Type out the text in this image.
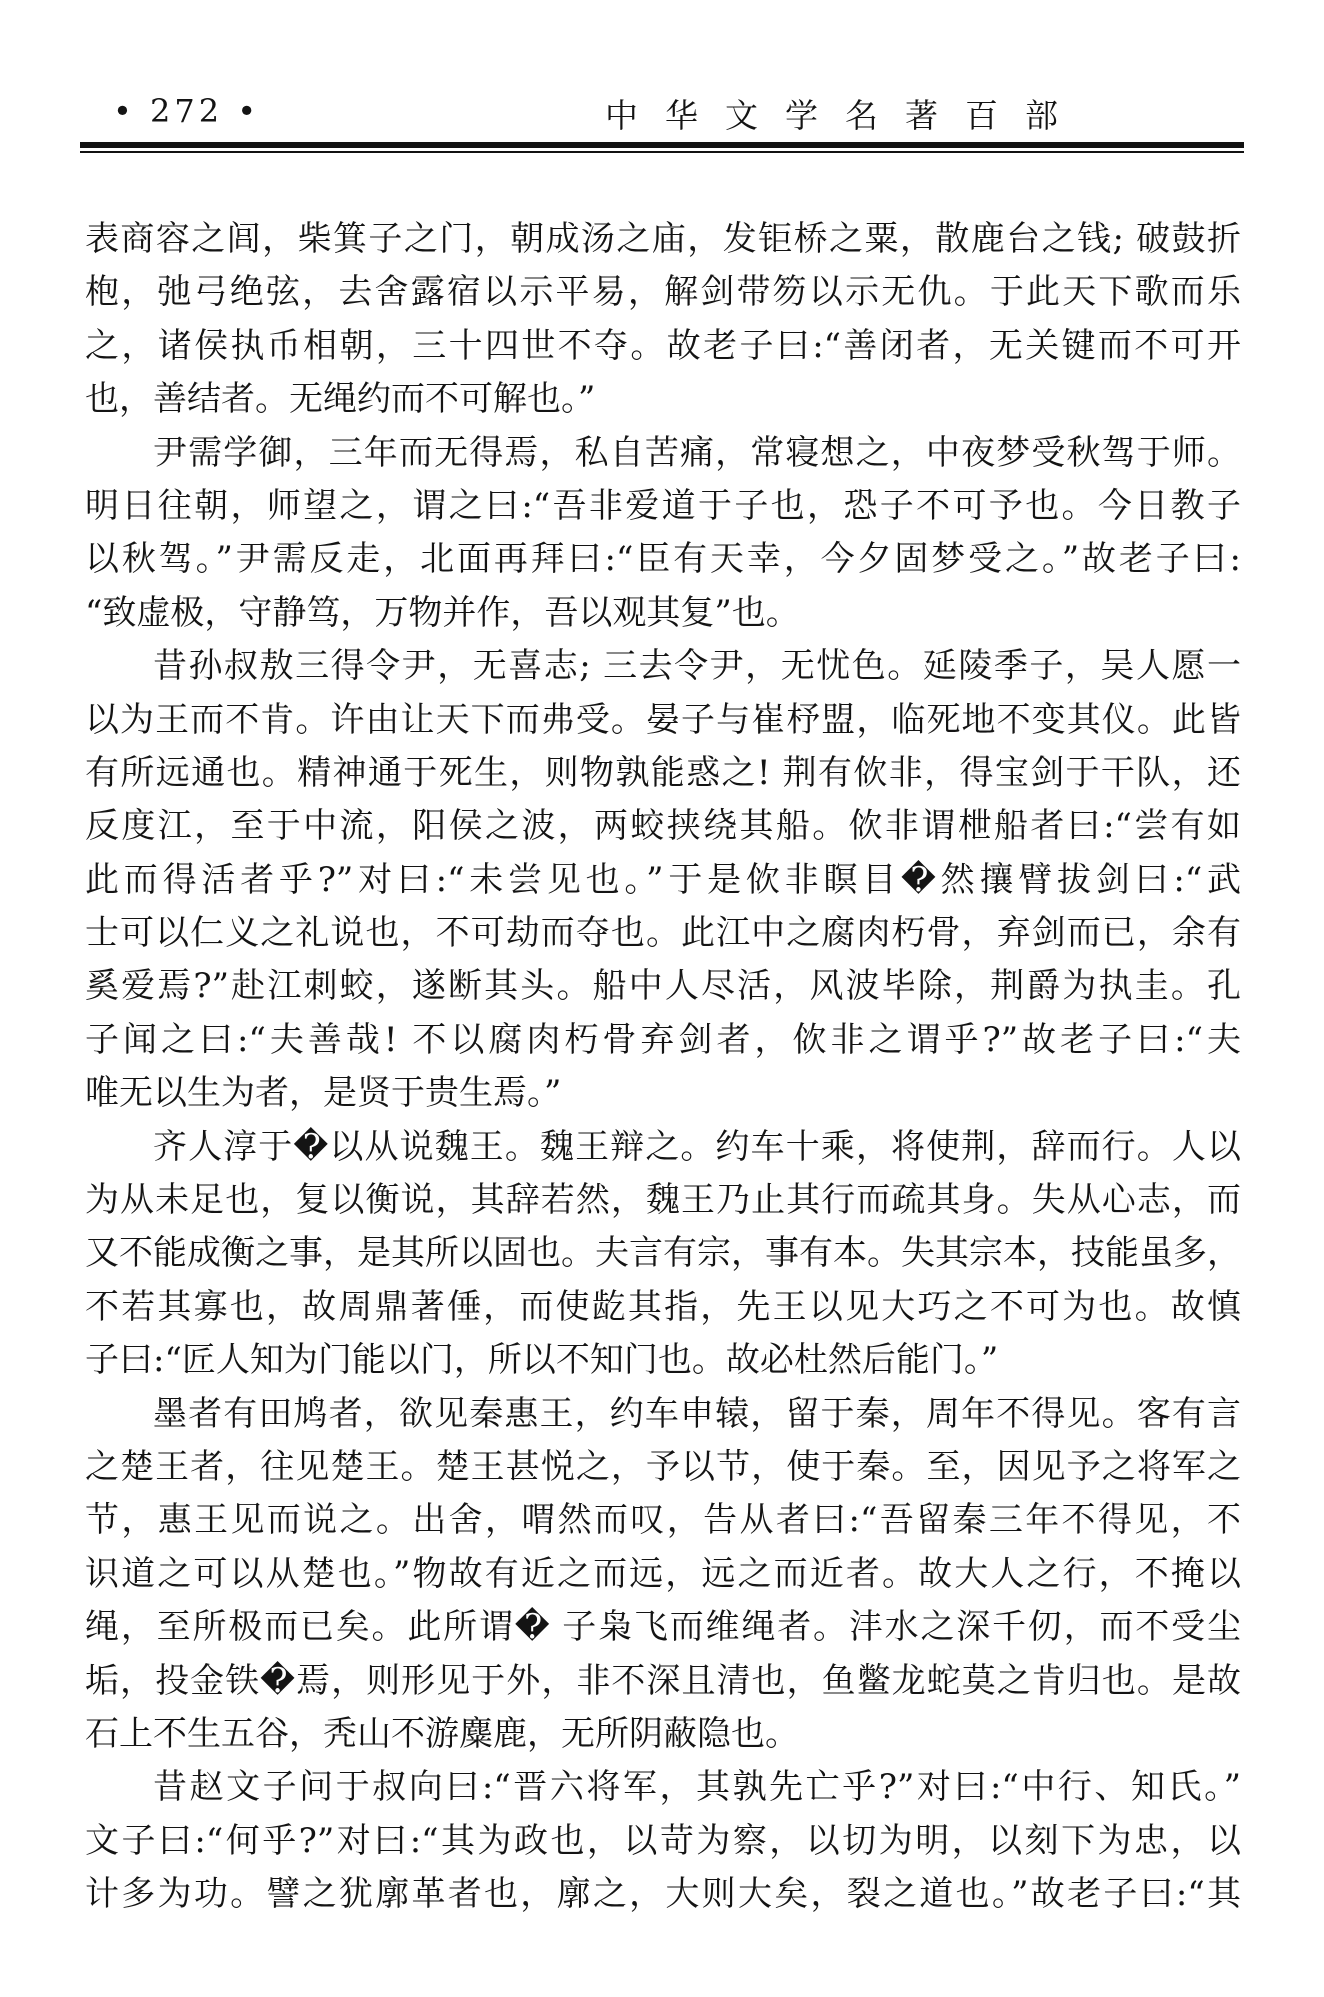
• 272 •	中华文学名著百部
表商容之闾，柴箕子之门，朝成汤之庙，发钜桥之粟，散鹿台之钱; 破鼓折
枹，弛弓绝弦，去舍露宿以示平易，解剑带笏以示无仇。于此天下歌而乐
之，诸侯执币相朝，三十四世不夺。故老子曰:“善闭者，无关键而不可开
也，善结者。无绳约而不可解也。”
尹需学御，三年而无得焉，私自苦痛，常寝想之，中夜梦受秋驾于师。
明日往朝，师望之，谓之曰:“吾非爱道于子也，恐子不可予也。今日教子
以秋驾。”尹需反走，北面再拜曰:“臣有天幸，今夕固梦受之。”故老子曰:
“致虚极，守静笃，万物并作，吾以观其复”也。
昔孙叔敖三得令尹，无喜志; 三去令尹，无忧色。延陵季子，吴人愿一
以为王而不肯。许由让天下而弗受。晏子与崔杼盟，临死地不变其仪。此皆
有所远通也。精神通于死生，则物孰能惑之! 荆有佽非，得宝剑于干队，还
反度江，至于中流，阳侯之波，两蛟挟绕其船。佽非谓枻船者曰:“尝有如
此而得活者乎?”对曰:“未尝见也。”于是佽非瞑目�然攘臂拔剑曰:“武
士可以仁义之礼说也，不可劫而夺也。此江中之腐肉朽骨，弃剑而已，余有
奚爱焉?”赴江刺蛟，遂断其头。船中人尽活，风波毕除，荆爵为执圭。孔
子闻之曰:“夫善哉! 不以腐肉朽骨弃剑者，佽非之谓乎?”故老子曰:“夫
唯无以生为者，是贤于贵生焉。”
齐人淳于�以从说魏王。魏王辩之。约车十乘，将使荆，辞而行。人以
为从未足也，复以衡说，其辞若然，魏王乃止其行而疏其身。失从心志，而
又不能成衡之事，是其所以固也。夫言有宗，事有本。失其宗本，技能虽多，
不若其寡也，故周鼎著倕，而使龁其指，先王以见大巧之不可为也。故慎
子曰:“匠人知为门能以门，所以不知门也。故必杜然后能门。”
墨者有田鸠者，欲见秦惠王，约车申辕，留于秦，周年不得见。客有言
之楚王者，往见楚王。楚王甚悦之，予以节，使于秦。至，因见予之将军之
节，惠王见而说之。出舍，喟然而叹，告从者曰:“吾留秦三年不得见，不
识道之可以从楚也。”物故有近之而远，远之而近者。故大人之行，不掩以
绳，至所极而已矣。此所谓� 子枭飞而维绳者。沣水之深千仞，而不受尘
垢，投金铁�焉，则形见于外，非不深且清也，鱼鳖龙蛇莫之肯归也。是故
石上不生五谷，秃山不游麋鹿，无所阴蔽隐也。
昔赵文子问于叔向曰:“晋六将军，其孰先亡乎?”对曰:“中行、知氏。”
文子曰:“何乎?”对曰:“其为政也，以苛为察，以切为明，以刻下为忠，以
计多为功。譬之犹廓革者也，廓之，大则大矣，裂之道也。”故老子曰:“其
